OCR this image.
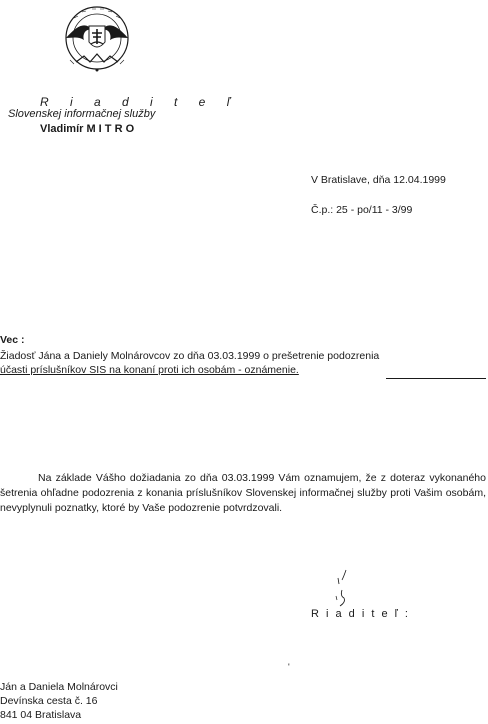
R i a d i t e ľ
Slovenskej informačnej služby
Vladimír M I T R O
V Bratislave, dňa 12.04.1999
Č.p.: 25 - po/11 - 3/99
Vec :
Žiadosť Jána a Daniely Molnárovcov zo dňa 03.03.1999 o prešetrenie podozrenia
účasti príslušníkov SIS na konaní proti ich osobám - oznámenie.
Na základe Vášho dožiadania zo dňa 03.03.1999 Vám oznamujem, že z doteraz vykonaného šetrenia ohľadne podozrenia z konania príslušníkov Slovenskej informačnej služby proti Vašim osobám, nevyplynuli poznatky, ktoré by Vaše podozrenie potvrdzovali.
R i a d i t e ľ :
'
Ján a Daniela Molnárovci
Devínska cesta č. 16
841 04 Bratislava
